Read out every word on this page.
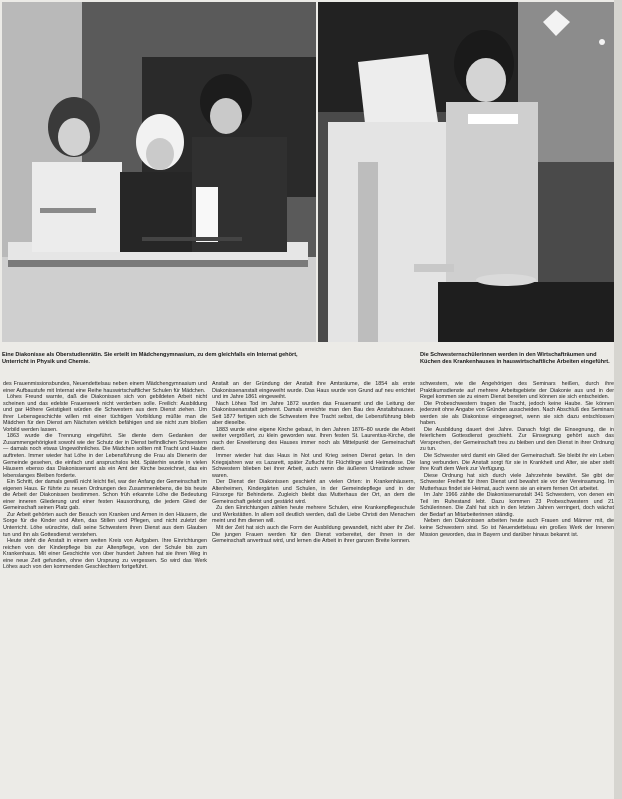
Eine Diakonisse als Oberstudienrätin. Sie erteilt im Mädchengymnasium, zu dem gleichfalls ein Internat gehört, Unterricht in Physik und Chemie.
Die Schwesternschülerinnen werden in den Wirtschafträumen und Küchen des Krankenhauses in hauswirtschaftliche Arbeiten eingeführt.

des Frauenmissionsbundes, Neuendettelsau neben einem Mädchengymnasium und einer Aufbaustufe mit Internat eine Reihe hauswirtschaftlicher Schulen für Mädchen.

Löhes Freund warnte, daß die Diakonissen sich von gebildeten Arbeit nicht scheinen und das edelste Frauenwerk nicht verderben solle. Freilich: Ausbildung und gar Höhere Geistigkeit würden die Schwestern aus dem Dienst ziehen. Um ihrer Lebensgeschichte willen mit einer tüchtigen Vorbildung müßte man die Mädchen für den Dienst am Nächsten wirklich befähigen und sie nicht zum bloßen Vorbild werden lassen.

1863 wurde die Trennung eingeführt. Sie diente dem Gedanken der Zusammengehörigkeit sowohl wie der Schutz der in Dienst befindlichen Schwestern — damals noch etwas Ungewöhnliches. Die Mädchen sollten mit Tracht und Haube auftreten. Immer wieder hat Löhe in der Lebensführung die Frau als Dienerin der Gemeinde gesehen, die einfach und anspruchslos lebt. Späterhin wurde in vielen Häusern ebenso das Diakonissenamt als ein Amt der Kirche bezeichnet, das ein lebenslanges Bleiben forderte.

Ein Schritt, der damals gewiß nicht leicht fiel, war der Anfang der Gemeinschaft im eigenen Haus. Er führte zu neuen Ordnungen des Zusammenlebens, die bis heute die Arbeit der Diakonissen bestimmen. Schon früh erkannte Löhe die Bedeutung einer inneren Gliederung und einer festen Hausordnung, die jedem Glied der Gemeinschaft seinen Platz gab.

Zur Arbeit gehörten auch der Besuch von Kranken und Armen in den Häusern, die Sorge für die Kinder und Alten, das Stillen und Pflegen, und nicht zuletzt der Unterricht. Löhe wünschte, daß seine Schwestern ihren Dienst aus dem Glauben tun und ihn als Gottesdienst verstehen.

Heute steht die Anstalt in einem weiten Kreis von Aufgaben. Ihre Einrichtungen reichen von der Kinderpflege bis zur Altenpflege, von der Schule bis zum Krankenhaus. Mit einer Geschichte von über hundert Jahren hat sie ihren Weg in eine neue Zeit gefunden, ohne den Ursprung zu vergessen. So wird das Werk Löhes auch von den kommenden Geschlechtern fortgeführt.

Anstalt an der Gründung der Anstalt ihre Amtsräume, die 1854 als erste Diakonissenanstalt eingeweiht wurde. Das Haus wurde von Grund auf neu errichtet und im Jahre 1861 eingeweiht.

Nach Löhes Tod im Jahre 1872 wurden das Frauenamt und die Leitung der Diakonissenanstalt getrennt. Damals erreichte man den Bau des Anstaltshauses. Seit 1877 fertigen sich die Schwestern ihre Tracht selbst, die Lebensführung blieb aber dieselbe.

1883 wurde eine eigene Kirche gebaut, in den Jahren 1876–80 wurde die Arbeit weiter vergrößert, zu klein geworden war. Ihren festen St. Laurentius-Kirche, die nach der Erweiterung des Hauses immer noch als Mittelpunkt der Gemeinschaft dient.

Immer wieder hat das Haus in Not und Krieg seinen Dienst getan. In den Kriegsjahren war es Lazarett, später Zuflucht für Flüchtlinge und Heimatlose. Die Schwestern blieben bei ihrer Arbeit, auch wenn die äußeren Umstände schwer waren.

Der Dienst der Diakonissen geschieht an vielen Orten: in Krankenhäusern, Altenheimen, Kindergärten und Schulen, in der Gemeindepflege und in der Fürsorge für Behinderte. Zugleich bleibt das Mutterhaus der Ort, an dem die Gemeinschaft gelebt und gestärkt wird.

Zu den Einrichtungen zählen heute mehrere Schulen, eine Krankenpflegeschule und Werkstätten. In allem soll deutlich werden, daß die Liebe Christi den Menschen meint und ihm dienen will.

Mit der Zeit hat sich auch die Form der Ausbildung gewandelt, nicht aber ihr Ziel. Die jungen Frauen werden für den Dienst vorbereitet, der ihnen in der Gemeinschaft anvertraut wird, und lernen die Arbeit in ihrer ganzen Breite kennen.

schwestern, wie die Angehörigen des Seminars heißen, durch ihre Praktikumsdienste auf mehrere Arbeitsgebiete der Diakonie aus und in der Regel kommen sie zu einem Dienst bereiten und können sie sich entscheiden.

Die Probeschwestern tragen die Tracht, jedoch keine Haube. Sie können jederzeit ohne Angabe von Gründen ausscheiden. Nach Abschluß des Seminars werden sie als Diakonisse eingesegnet, wenn sie sich dazu entschlossen haben.

Die Ausbildung dauert drei Jahre. Danach folgt die Einsegnung, die in feierlichem Gottesdienst geschieht. Zur Einsegnung gehört auch das Versprechen, der Gemeinschaft treu zu bleiben und den Dienst in ihrer Ordnung zu tun.

Die Schwester wird damit ein Glied der Gemeinschaft. Sie bleibt ihr ein Leben lang verbunden. Die Anstalt sorgt für sie in Krankheit und Alter, sie aber stellt ihre Kraft dem Werk zur Verfügung.

Diese Ordnung hat sich durch viele Jahrzehnte bewährt. Sie gibt der Schwester Freiheit für ihren Dienst und bewahrt sie vor der Vereinsamung. Im Mutterhaus findet sie Heimat, auch wenn sie an einem fernen Ort arbeitet.

Im Jahr 1966 zählte die Diakonissenanstalt 341 Schwestern, von denen ein Teil im Ruhestand lebt. Dazu kommen 23 Probeschwestern und 21 Schülerinnen. Die Zahl hat sich in den letzten Jahren verringert, doch wächst der Bedarf an Mitarbeiterinnen ständig.

Neben den Diakonissen arbeiten heute auch Frauen und Männer mit, die keine Schwestern sind. So ist Neuendettelsau ein großes Werk der Inneren Mission geworden, das in Bayern und darüber hinaus bekannt ist.
